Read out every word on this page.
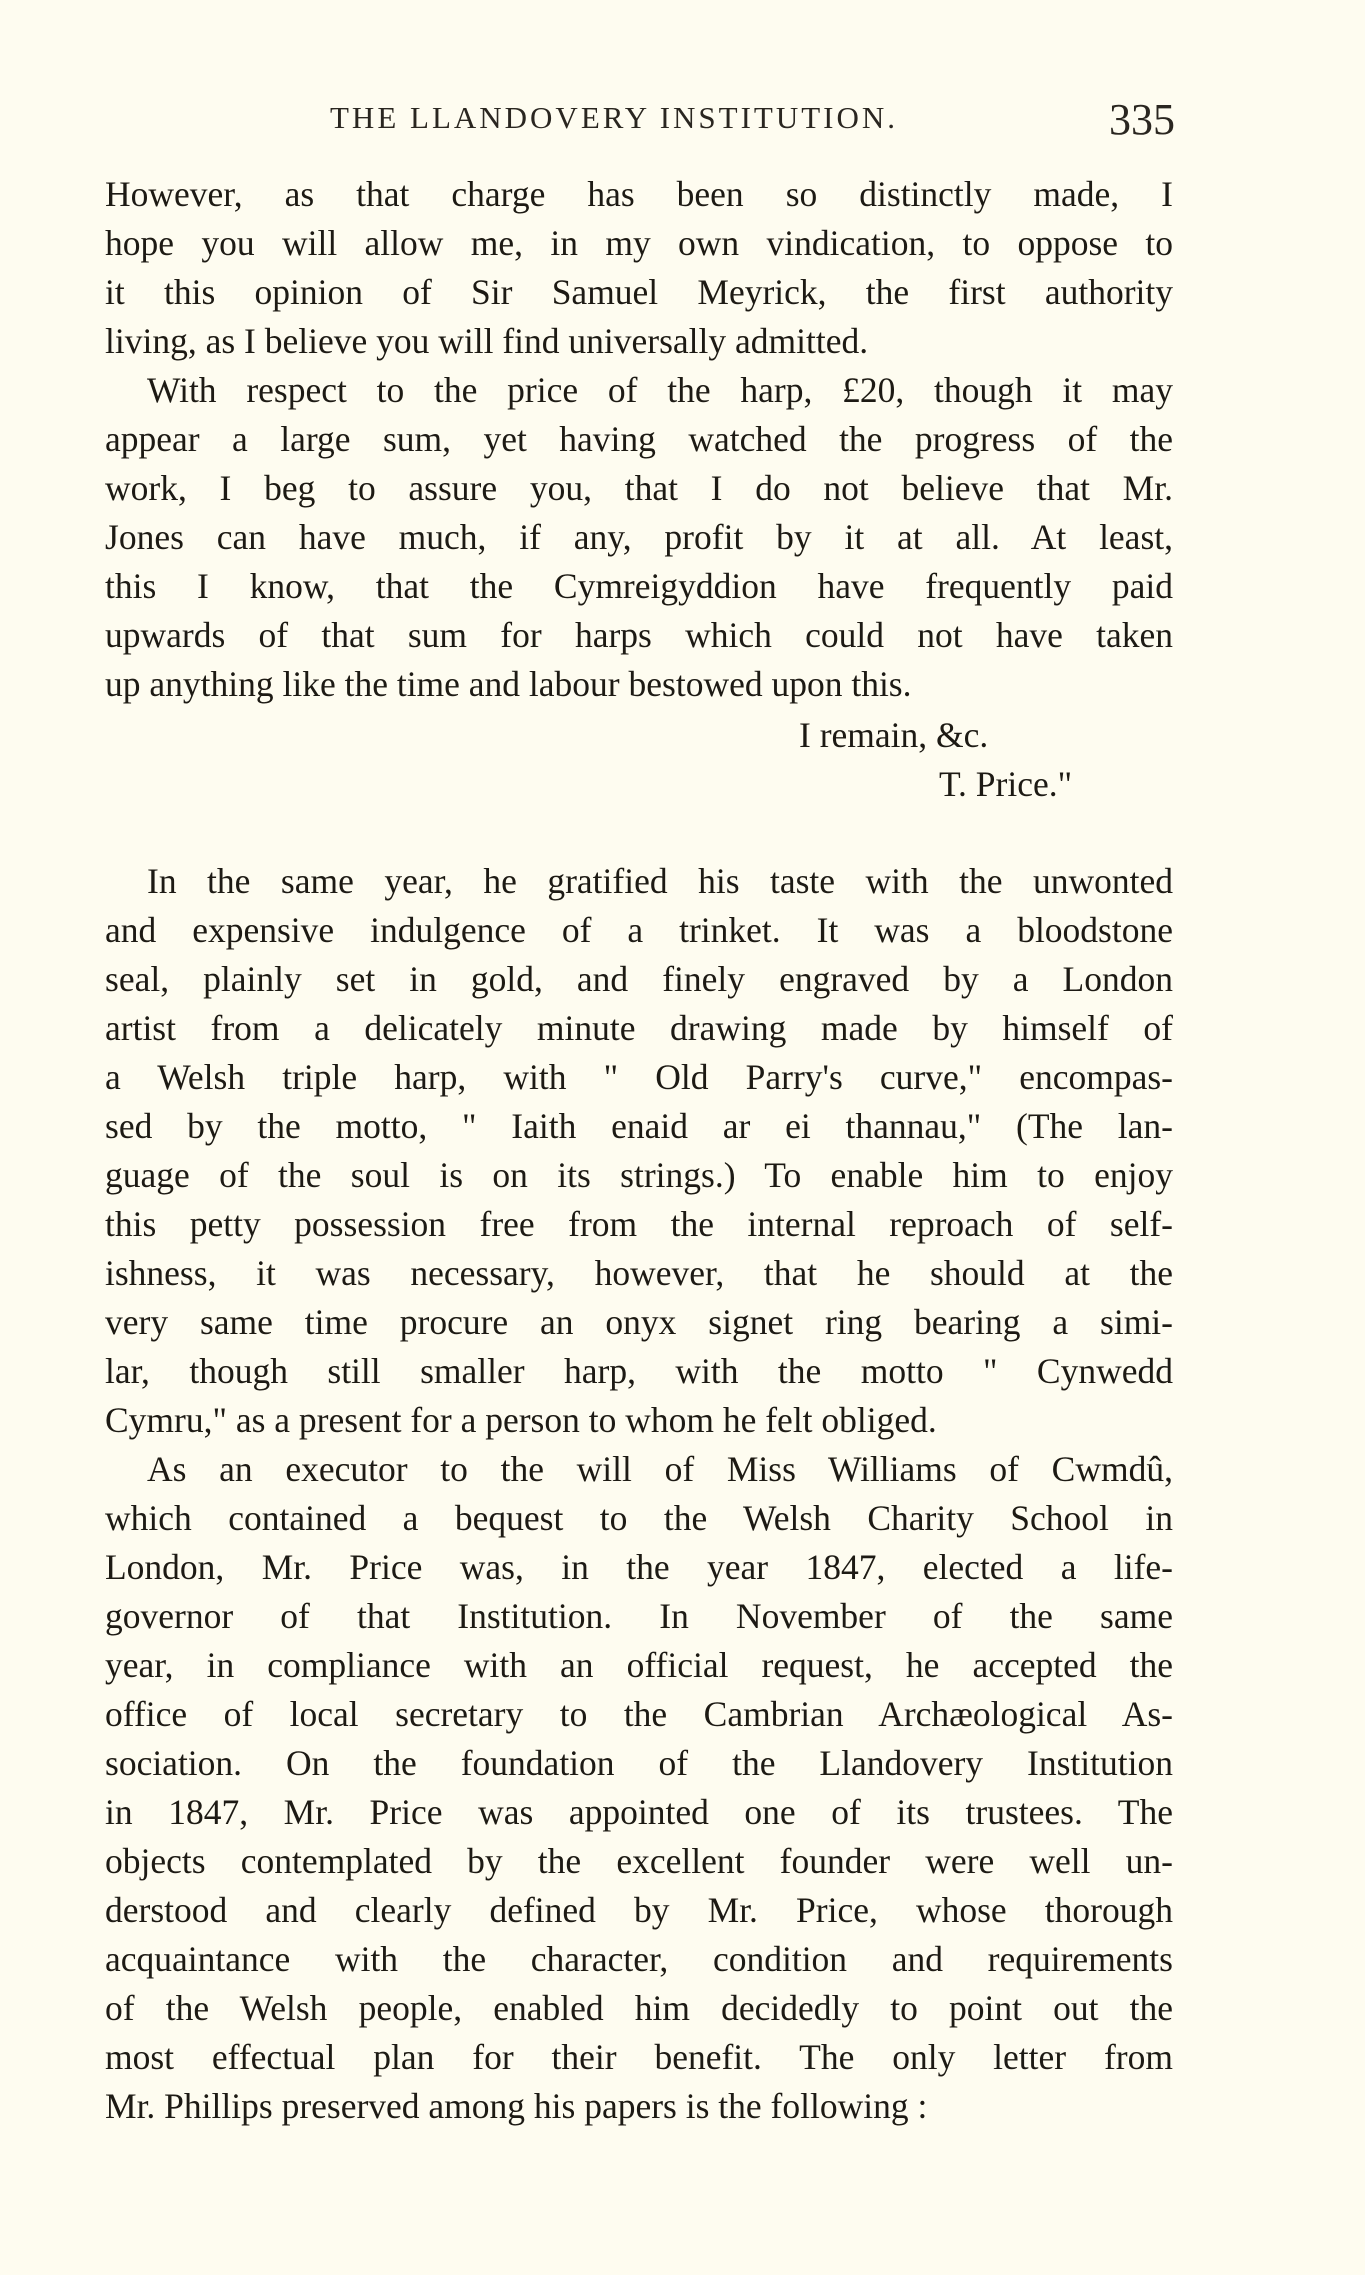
THE LLANDOVERY INSTITUTION.	335
However, as that charge has been so distinctly made, I
hope you will allow me, in my own vindication, to oppose to
it this opinion of Sir Samuel Meyrick, the first authority
living, as I believe you will find universally admitted.
With respect to the price of the harp, £20, though it may
appear a large sum, yet having watched the progress of the
work, I beg to assure you, that I do not believe that Mr.
Jones can have much, if any, profit by it at all. At least,
this I know, that the Cymreigyddion have frequently paid
upwards of that sum for harps which could not have taken
up anything like the time and labour bestowed upon this.
I remain, &c.
T. Price."
In the same year, he gratified his taste with the unwonted
and expensive indulgence of a trinket. It was a bloodstone
seal, plainly set in gold, and finely engraved by a London
artist from a delicately minute drawing made by himself of
a Welsh triple harp, with " Old Parry's curve," encompas-
sed by the motto, " Iaith enaid ar ei thannau," (The lan-
guage of the soul is on its strings.) To enable him to enjoy
this petty possession free from the internal reproach of self-
ishness, it was necessary, however, that he should at the
very same time procure an onyx signet ring bearing a simi-
lar, though still smaller harp, with the motto " Cynwedd
Cymru," as a present for a person to whom he felt obliged.
As an executor to the will of Miss Williams of Cwmdû,
which contained a bequest to the Welsh Charity School in
London, Mr. Price was, in the year 1847, elected a life-
governor of that Institution. In November of the same
year, in compliance with an official request, he accepted the
office of local secretary to the Cambrian Archæological As-
sociation. On the foundation of the Llandovery Institution
in 1847, Mr. Price was appointed one of its trustees. The
objects contemplated by the excellent founder were well un-
derstood and clearly defined by Mr. Price, whose thorough
acquaintance with the character, condition and requirements
of the Welsh people, enabled him decidedly to point out the
most effectual plan for their benefit. The only letter from
Mr. Phillips preserved among his papers is the following :
